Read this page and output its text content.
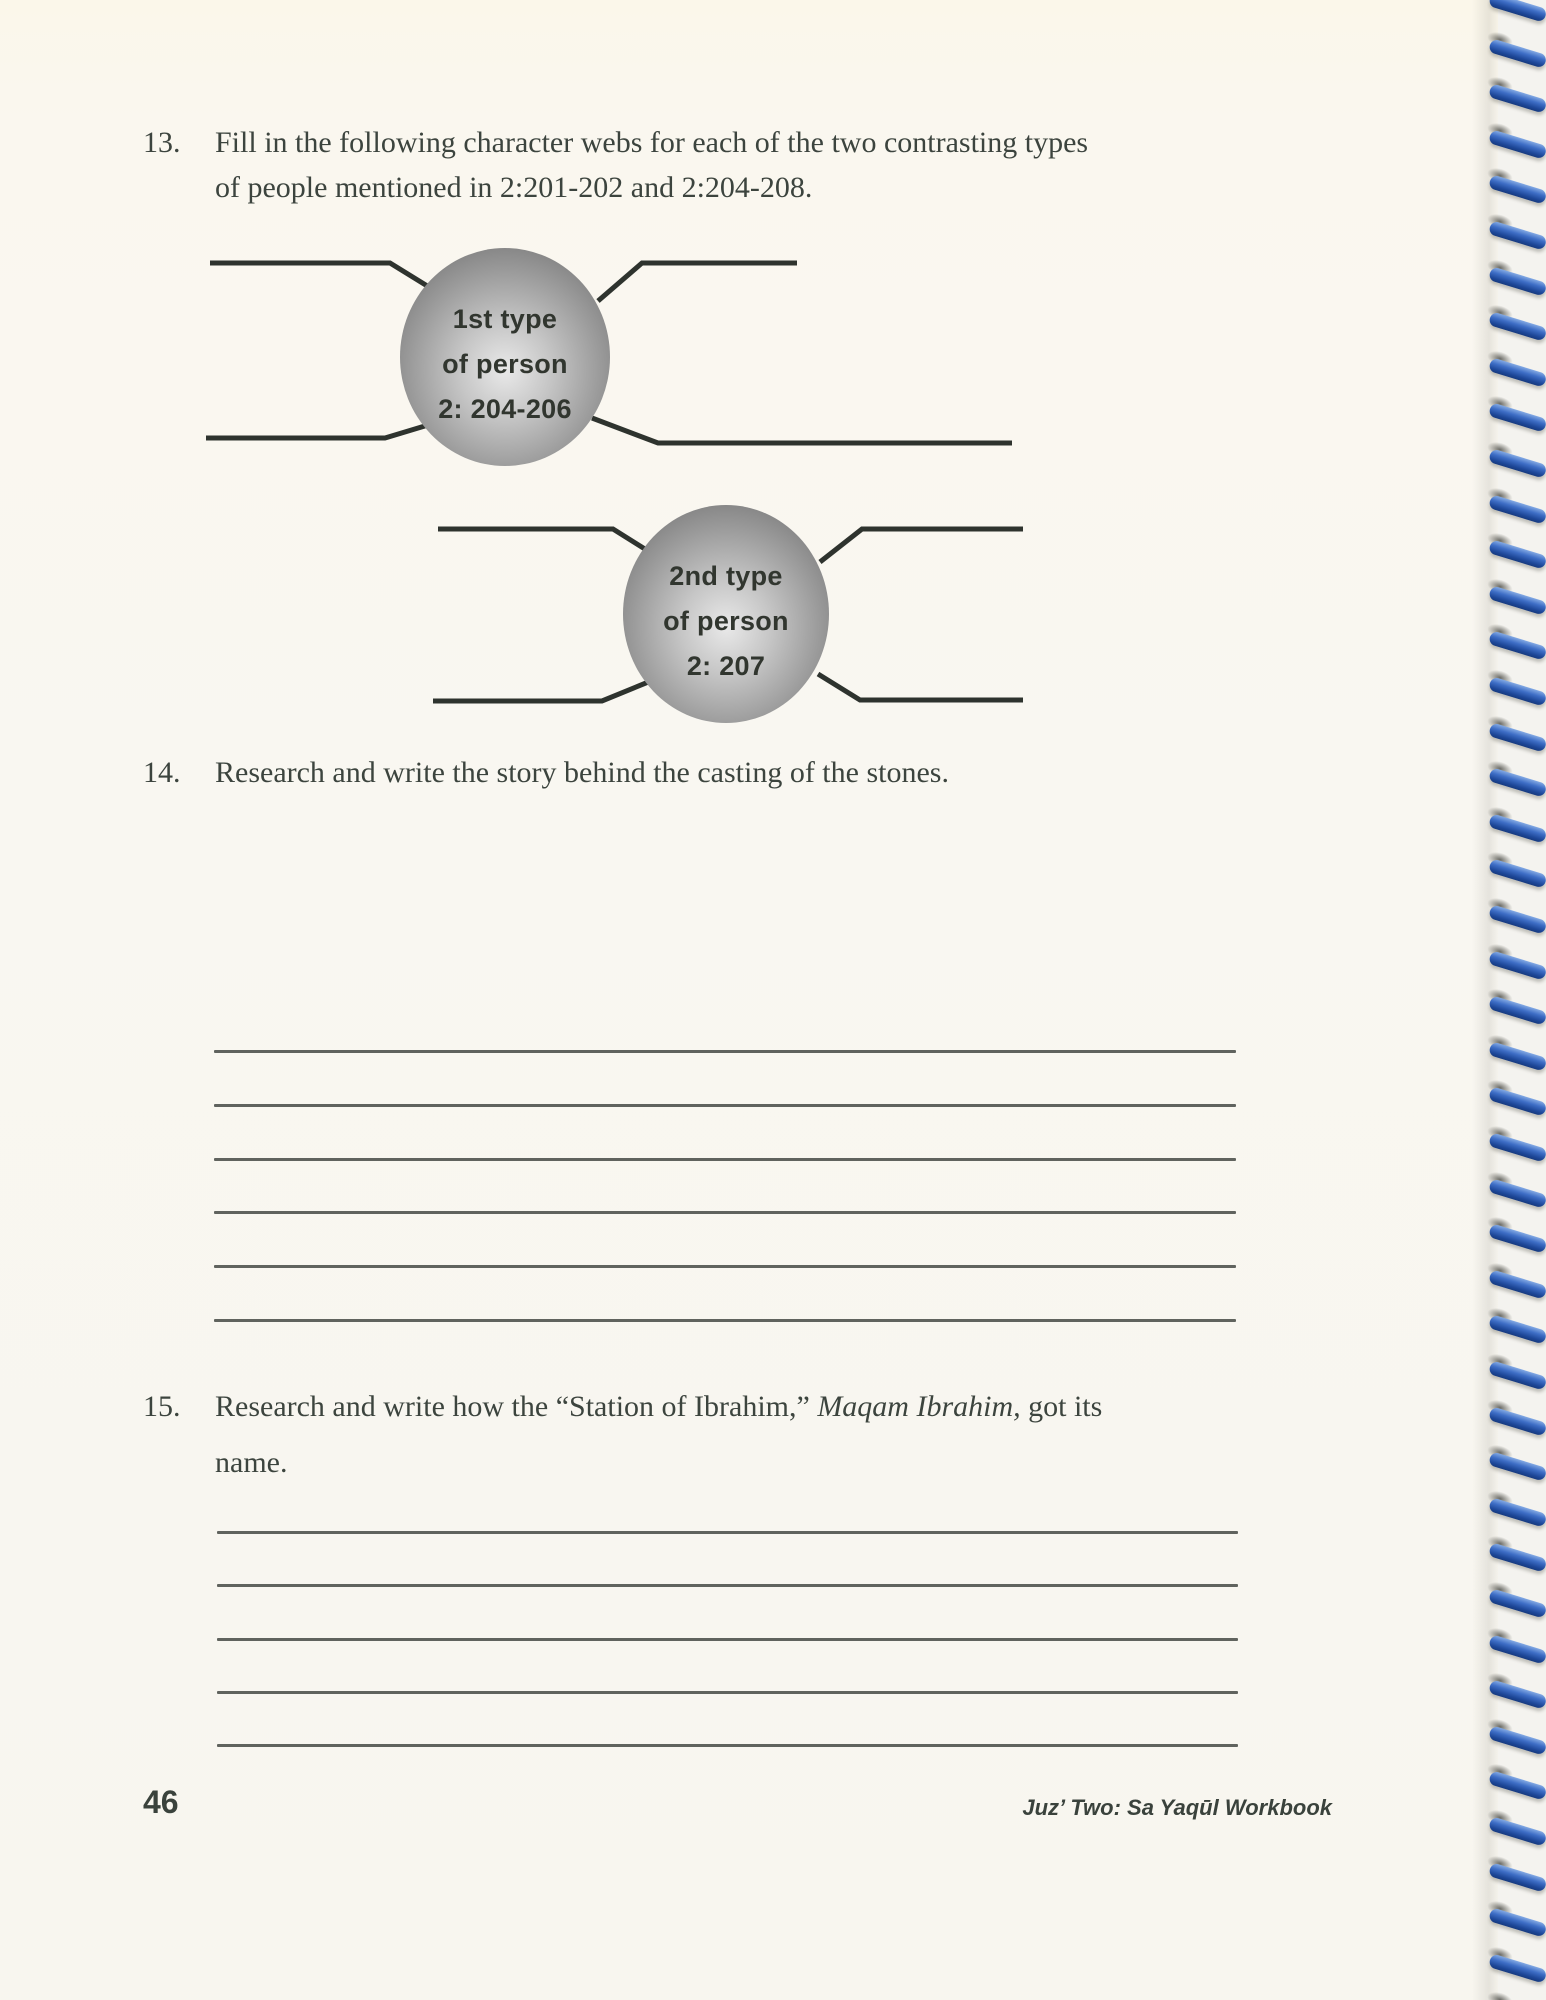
13. Fill in the following character webs for each of the two contrasting types
of people mentioned in 2:201-202 and 2:204-208.
1st type
of person
2: 204-206
2nd type
of person
2: 207
14. Research and write the story behind the casting of the stones.
15. Research and write how the “Station of Ibrahim,” Maqam Ibrahim, got its
name.
46	Juz’ Two: Sa Yaqūl Workbook
